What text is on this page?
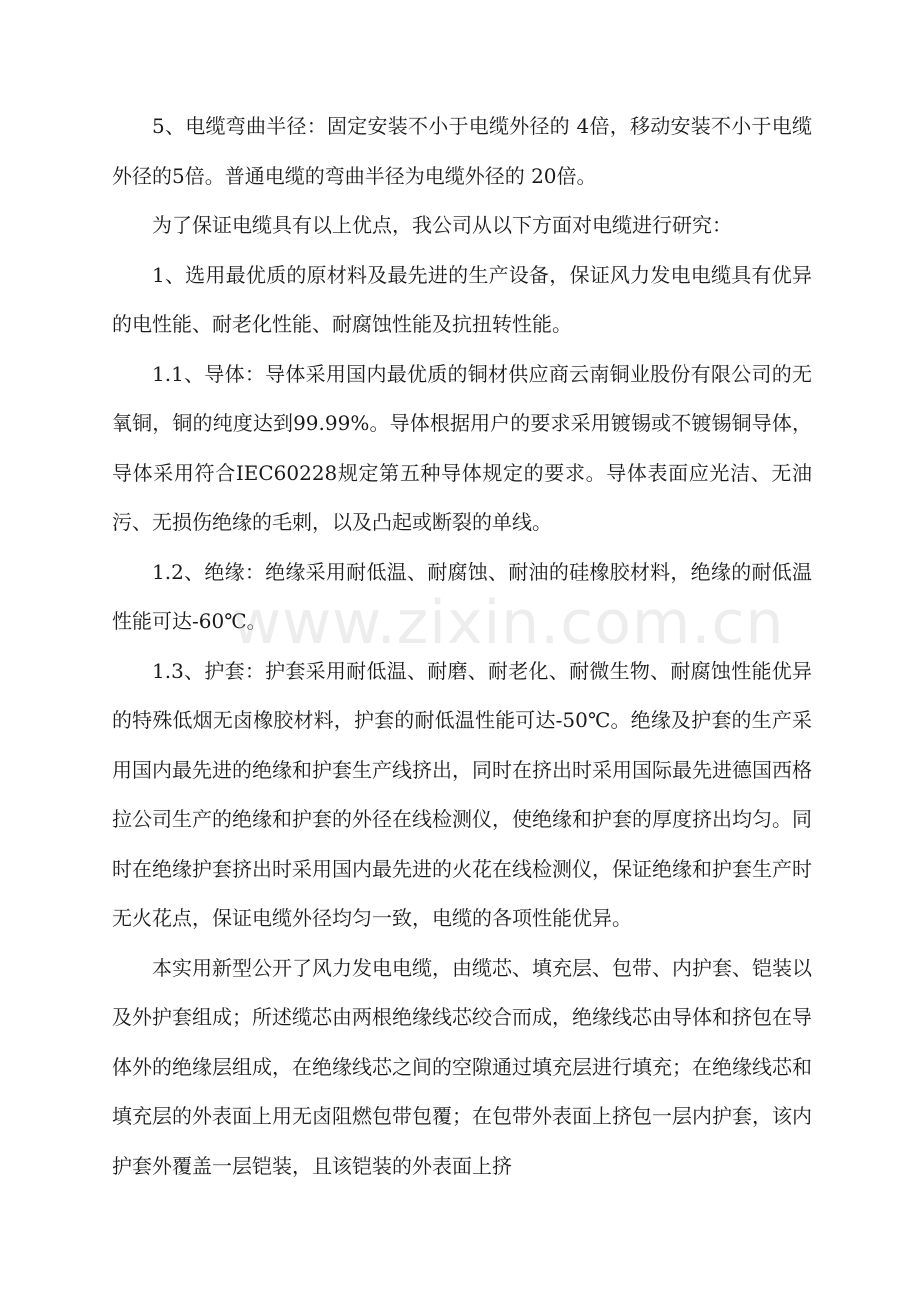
5、电缆弯曲半径：固定安装不小于电缆外径的 4倍，移动安装不小于电缆外径的5倍。普通电缆的弯曲半径为电缆外径的 20倍。

为了保证电缆具有以上优点，我公司从以下方面对电缆进行研究：

1、选用最优质的原材料及最先进的生产设备，保证风力发电电缆具有优异的电性能、耐老化性能、耐腐蚀性能及抗扭转性能。

1.1、导体：导体采用国内最优质的铜材供应商云南铜业股份有限公司的无氧铜，铜的纯度达到99.99%。导体根据用户的要求采用镀锡或不镀锡铜导体，导体采用符合IEC60228规定第五种导体规定的要求。导体表面应光洁、无油污、无损伤绝缘的毛刺，以及凸起或断裂的单线。

1.2、绝缘：绝缘采用耐低温、耐腐蚀、耐油的硅橡胶材料，绝缘的耐低温性能可达-60℃。

1.3、护套：护套采用耐低温、耐磨、耐老化、耐微生物、耐腐蚀性能优异的特殊低烟无卤橡胶材料，护套的耐低温性能可达-50℃。绝缘及护套的生产采用国内最先进的绝缘和护套生产线挤出，同时在挤出时采用国际最先进德国西格拉公司生产的绝缘和护套的外径在线检测仪，使绝缘和护套的厚度挤出均匀。同时在绝缘护套挤出时采用国内最先进的火花在线检测仪，保证绝缘和护套生产时无火花点，保证电缆外径均匀一致，电缆的各项性能优异。

本实用新型公开了风力发电电缆，由缆芯、填充层、包带、内护套、铠装以及外护套组成；所述缆芯由两根绝缘线芯绞合而成，绝缘线芯由导体和挤包在导体外的绝缘层组成，在绝缘线芯之间的空隙通过填充层进行填充；在绝缘线芯和填充层的外表面上用无卤阻燃包带包覆；在包带外表面上挤包一层内护套，该内护套外覆盖一层铠装，且该铠装的外表面上挤

www.zixin.com.cn
